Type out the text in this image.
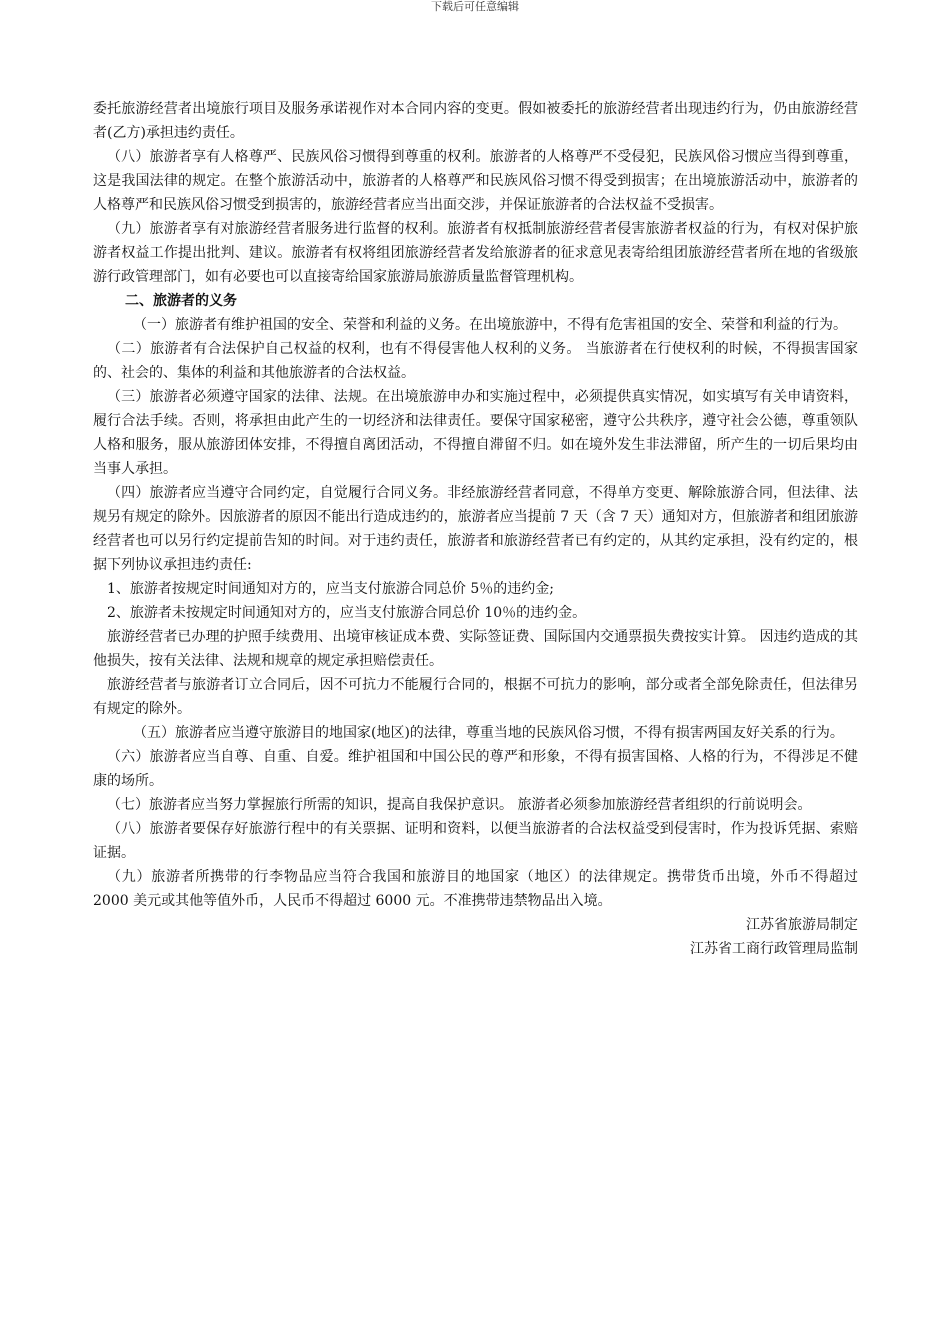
下载后可任意编辑

委托旅游经营者出境旅行项目及服务承诺视作对本合同内容的变更。假如被委托的旅游经营者出现违约行为，仍由旅游经营者(乙方)承担违约责任。

（八）旅游者享有人格尊严、民族风俗习惯得到尊重的权利。旅游者的人格尊严不受侵犯，民族风俗习惯应当得到尊重，这是我国法律的规定。在整个旅游活动中，旅游者的人格尊严和民族风俗习惯不得受到损害；在出境旅游活动中，旅游者的人格尊严和民族风俗习惯受到损害的，旅游经营者应当出面交涉，并保证旅游者的合法权益不受损害。

（九）旅游者享有对旅游经营者服务进行监督的权利。旅游者有权抵制旅游经营者侵害旅游者权益的行为，有权对保护旅游者权益工作提出批判、建议。旅游者有权将组团旅游经营者发给旅游者的征求意见表寄给组团旅游经营者所在地的省级旅游行政管理部门，如有必要也可以直接寄给国家旅游局旅游质量监督管理机构。

二、旅游者的义务

（一）旅游者有维护祖国的安全、荣誉和利益的义务。在出境旅游中，不得有危害祖国的安全、荣誉和利益的行为。

（二）旅游者有合法保护自己权益的权利，也有不得侵害他人权利的义务。 当旅游者在行使权利的时候，不得损害国家的、社会的、集体的利益和其他旅游者的合法权益。

（三）旅游者必须遵守国家的法律、法规。在出境旅游申办和实施过程中，必须提供真实情况，如实填写有关申请资料，履行合法手续。否则，将承担由此产生的一切经济和法律责任。要保守国家秘密，遵守公共秩序，遵守社会公德，尊重领队人格和服务，服从旅游团体安排，不得擅自离团活动，不得擅自滞留不归。如在境外发生非法滞留，所产生的一切后果均由当事人承担。

（四）旅游者应当遵守合同约定，自觉履行合同义务。非经旅游经营者同意，不得单方变更、解除旅游合同，但法律、法规另有规定的除外。因旅游者的原因不能出行造成违约的，旅游者应当提前 7 天（含 7 天）通知对方，但旅游者和组团旅游经营者也可以另行约定提前告知的时间。对于违约责任，旅游者和旅游经营者已有约定的，从其约定承担，没有约定的，根据下列协议承担违约责任:

1、旅游者按规定时间通知对方的，应当支付旅游合同总价 5％的违约金;

2、旅游者未按规定时间通知对方的，应当支付旅游合同总价 10％的违约金。

旅游经营者已办理的护照手续费用、出境审核证成本费、实际签证费、国际国内交通票损失费按实计算。 因违约造成的其他损失，按有关法律、法规和规章的规定承担赔偿责任。

旅游经营者与旅游者订立合同后，因不可抗力不能履行合同的，根据不可抗力的影响，部分或者全部免除责任，但法律另有规定的除外。

（五）旅游者应当遵守旅游目的地国家(地区)的法律，尊重当地的民族风俗习惯，不得有损害两国友好关系的行为。

（六）旅游者应当自尊、自重、自爱。维护祖国和中国公民的尊严和形象，不得有损害国格、人格的行为，不得涉足不健康的场所。

（七）旅游者应当努力掌握旅行所需的知识，提高自我保护意识。 旅游者必须参加旅游经营者组织的行前说明会。

（八）旅游者要保存好旅游行程中的有关票据、证明和资料，以便当旅游者的合法权益受到侵害时，作为投诉凭据、索赔证据。

（九）旅游者所携带的行李物品应当符合我国和旅游目的地国家（地区）的法律规定。携带货币出境，外币不得超过 2000 美元或其他等值外币，人民币不得超过 6000 元。不准携带违禁物品出入境。

江苏省旅游局制定

江苏省工商行政管理局监制
